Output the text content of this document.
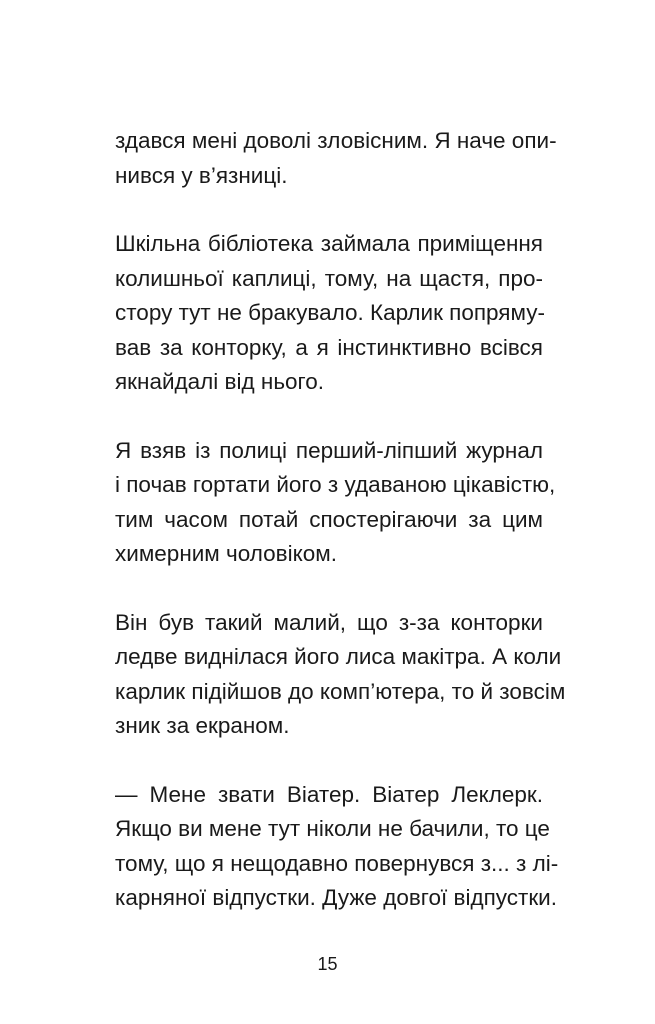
здався мені доволі зловісним. Я наче опи-
нився у в’язниці.

Шкільна бібліотека займала приміщення
колишньої каплиці, тому, на щастя, про-
стору тут не бракувало. Карлик попряму-
вав за конторку, а я інстинктивно всівся
якнайдалі від нього.

Я взяв із полиці перший-ліпший журнал
і почав гортати його з удаваною цікавістю,
тим часом потай спостерігаючи за цим
химерним чоловіком.

Він був такий малий, що з-за конторки
ледве виднілася його лиса макітра. А коли
карлик підійшов до комп’ютера, то й зовсім
зник за екраном.

— Мене звати Віатер. Віатер Леклерк.
Якщо ви мене тут ніколи не бачили, то це
тому, що я нещодавно повернувся з... з лі-
карняної відпустки. Дуже довгої відпустки.

15
